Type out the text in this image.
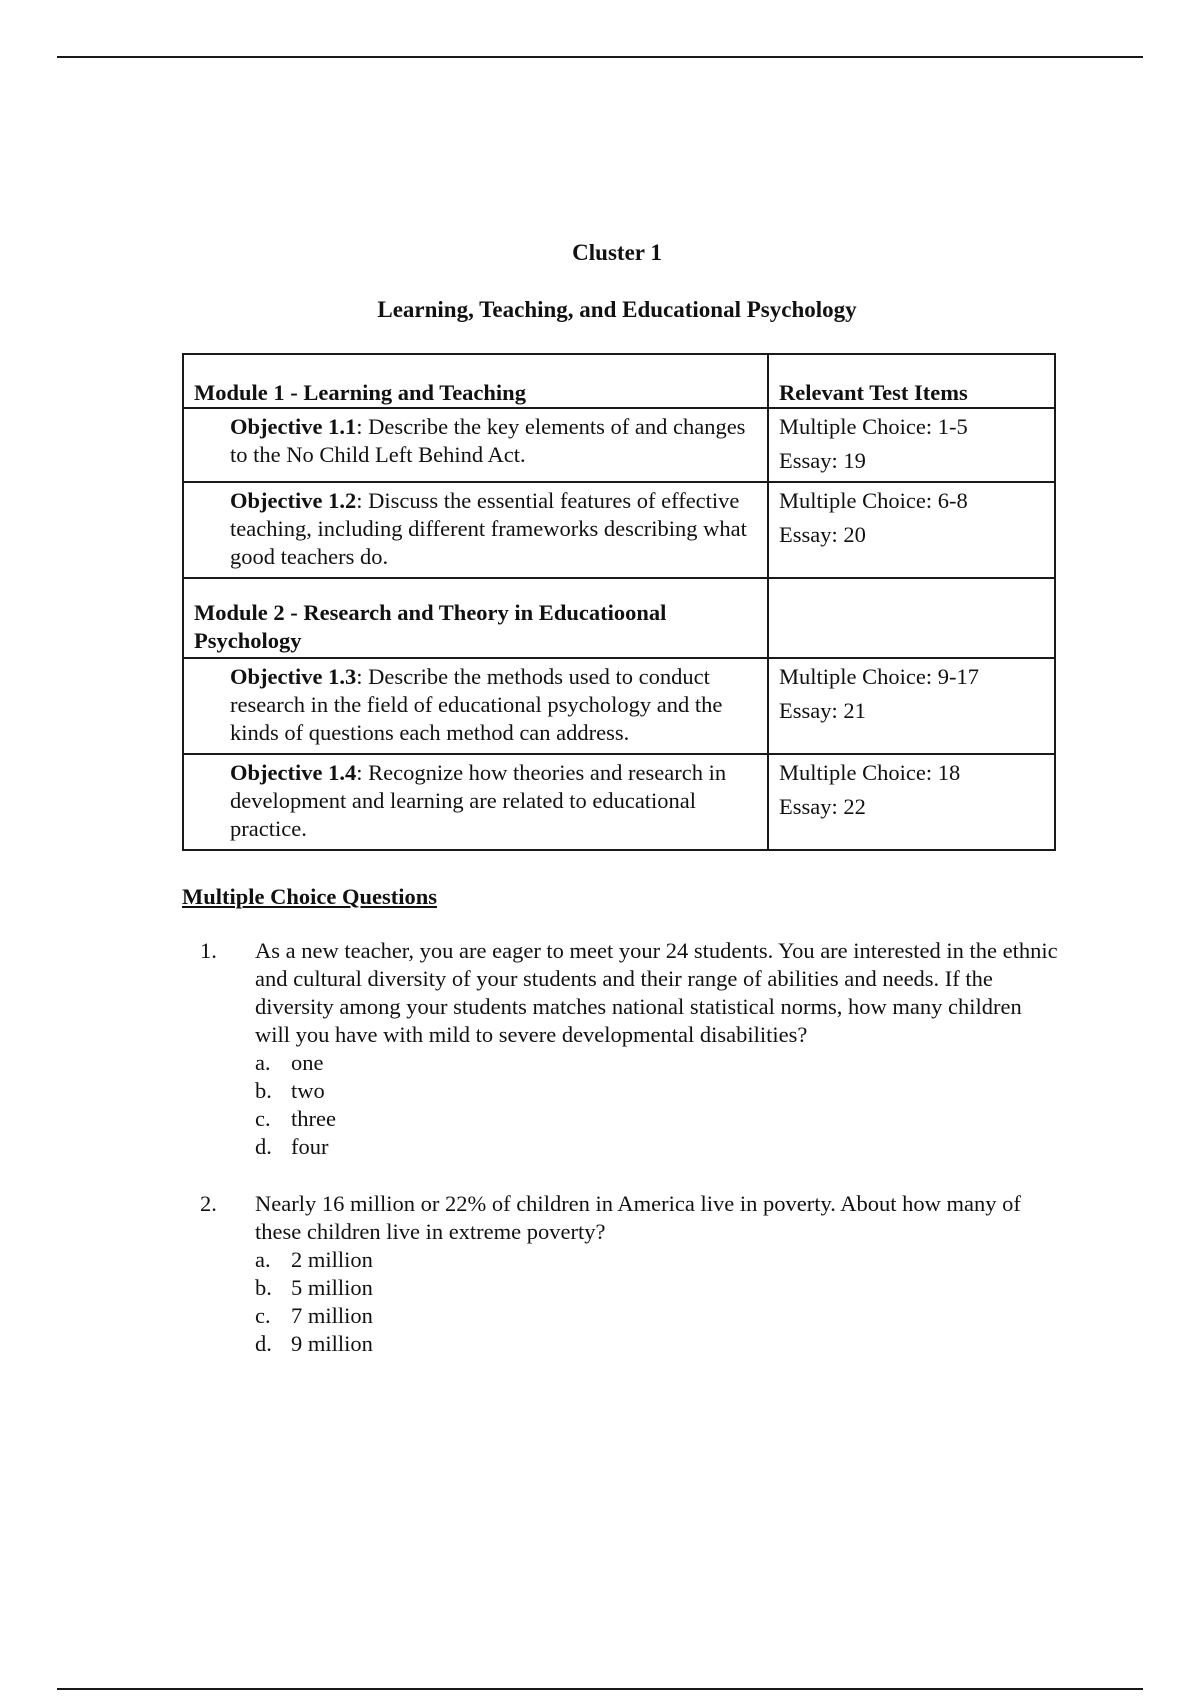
Cluster 1
Learning, Teaching, and Educational Psychology
Module 1 - Learning and Teaching	Relevant Test Items
Objective 1.1: Describe the key elements of and changes to the No Child Left Behind Act.	Multiple Choice: 1-5
Essay: 19

Objective 1.2: Discuss the essential features of effective teaching, including different frameworks describing what good teachers do.	Multiple Choice: 6-8
Essay: 20

Module 2 - Research and Theory in Educatioonal Psychology	
Objective 1.3: Describe the methods used to conduct research in the field of educational psychology and the kinds of questions each method can address.	Multiple Choice: 9-17
Essay: 21

Objective 1.4: Recognize how theories and research in development and learning are related to educational practice.	Multiple Choice: 18
Essay: 22
Multiple Choice Questions
1. As a new teacher, you are eager to meet your 24 students. You are interested in the ethnic and cultural diversity of your students and their range of abilities and needs. If the diversity among your students matches national statistical norms, how many children will you have with mild to severe developmental disabilities?

a. one
b. two
c. three
d. four
2. Nearly 16 million or 22% of children in America live in poverty. About how many of these children live in extreme poverty?

a. 2 million
b. 5 million
c. 7 million
d. 9 million
